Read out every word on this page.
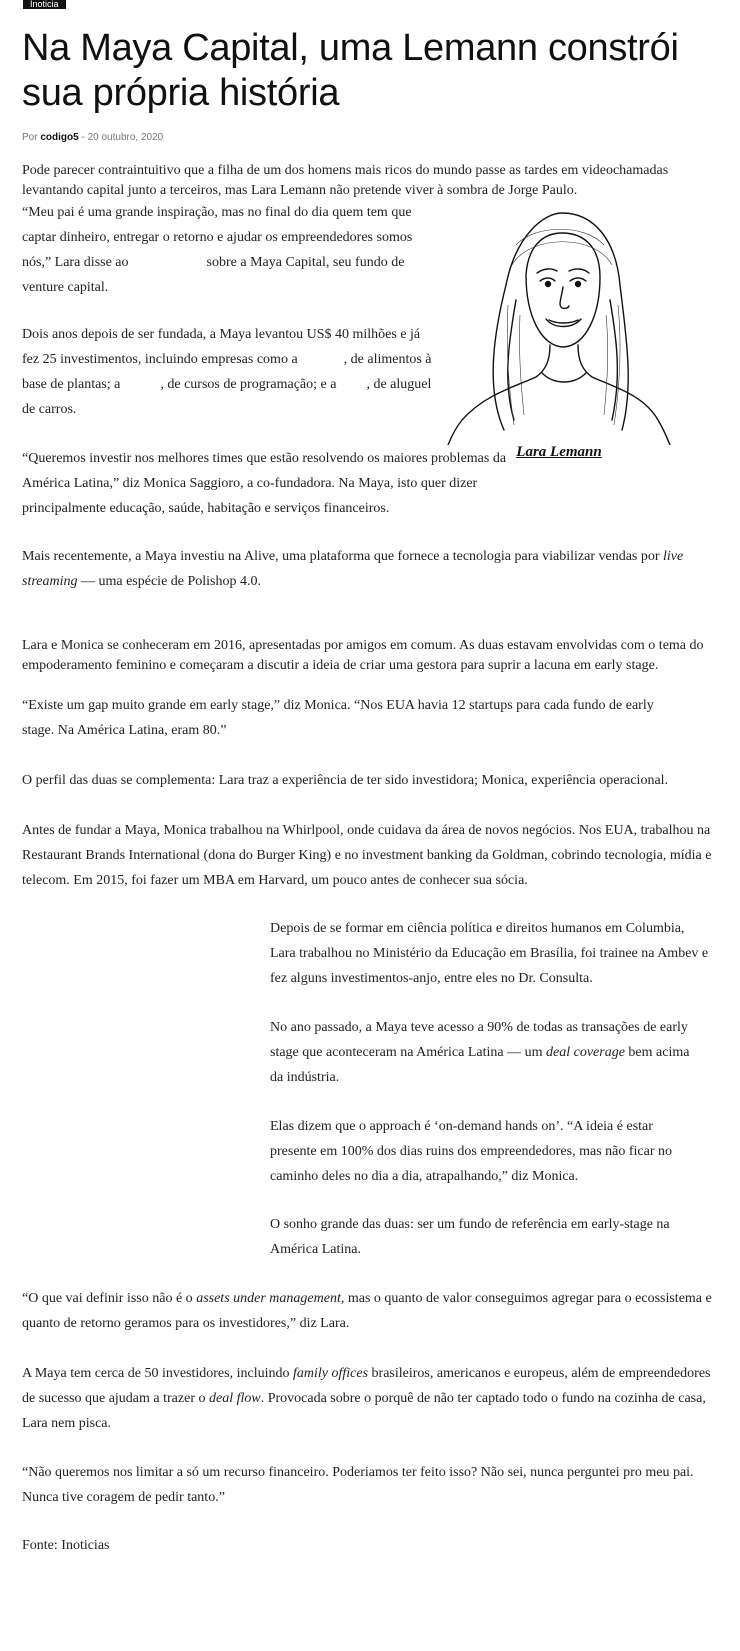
Inoticia
Na Maya Capital, uma Lemann constrói sua própria história
Por codigo5 - 20 outubro, 2020

Pode parecer contraintuitivo que a filha de um dos homens mais ricos do mundo passe as tardes em videochamadas levantando capital junto a terceiros, mas Lara Lemann não pretende viver à sombra de Jorge Paulo.

“Meu pai é uma grande inspiração, mas no final do dia quem tem que captar dinheiro, entregar o retorno e ajudar os empreendedores somos nós,” Lara disse ao	sobre a Maya Capital, seu fundo de venture capital.

Dois anos depois de ser fundada, a Maya levantou US$ 40 milhões e já fez 25 investimentos, incluindo empresas como a	, de alimentos à base de plantas; a	, de cursos de programação; e a , de aluguel de carros.

Lara Lemann

“Queremos investir nos melhores times que estão resolvendo os maiores problemas da América Latina,” diz Monica Saggioro, a co-fundadora. Na Maya, isto quer dizer principalmente educação, saúde, habitação e serviços financeiros.

Mais recentemente, a Maya investiu na Alive, uma plataforma que fornece a tecnologia para viabilizar vendas por live streaming — uma espécie de Polishop 4.0.

Lara e Monica se conheceram em 2016, apresentadas por amigos em comum. As duas estavam envolvidas com o tema do empoderamento feminino e começaram a discutir a ideia de criar uma gestora para suprir a lacuna em early stage.

“Existe um gap muito grande em early stage,” diz Monica. “Nos EUA havia 12 startups para cada fundo de early stage. Na América Latina, eram 80.”

O perfil das duas se complementa: Lara traz a experiência de ter sido investidora; Monica, experiência operacional.

Antes de fundar a Maya, Monica trabalhou na Whirlpool, onde cuidava da área de novos negócios. Nos EUA, trabalhou na Restaurant Brands International (dona do Burger King) e no investment banking da Goldman, cobrindo tecnologia, mídia e telecom. Em 2015, foi fazer um MBA em Harvard, um pouco antes de conhecer sua sócia.

Depois de se formar em ciência política e direitos humanos em Columbia, Lara trabalhou no Ministério da Educação em Brasília, foi trainee na Ambev e fez alguns investimentos-anjo, entre eles no Dr. Consulta.

No ano passado, a Maya teve acesso a 90% de todas as transações de early stage que aconteceram na América Latina — um deal coverage bem acima da indústria.

Elas dizem que o approach é ‘on-demand hands on’. “A ideia é estar presente em 100% dos dias ruins dos empreendedores, mas não ficar no caminho deles no dia a dia, atrapalhando,” diz Monica.

O sonho grande das duas: ser um fundo de referência em early-stage na América Latina.

“O que vai definir isso não é o assets under management, mas o quanto de valor conseguimos agregar para o ecossistema e quanto de retorno geramos para os investidores,” diz Lara.

A Maya tem cerca de 50 investidores, incluindo family offices brasileiros, americanos e europeus, além de empreendedores de sucesso que ajudam a trazer o deal flow. Provocada sobre o porquê de não ter captado todo o fundo na cozinha de casa, Lara nem pisca.

“Não queremos nos limitar a só um recurso financeiro. Poderiamos ter feito isso? Não sei, nunca perguntei pro meu pai. Nunca tive coragem de pedir tanto.”

Fonte: Inoticias
